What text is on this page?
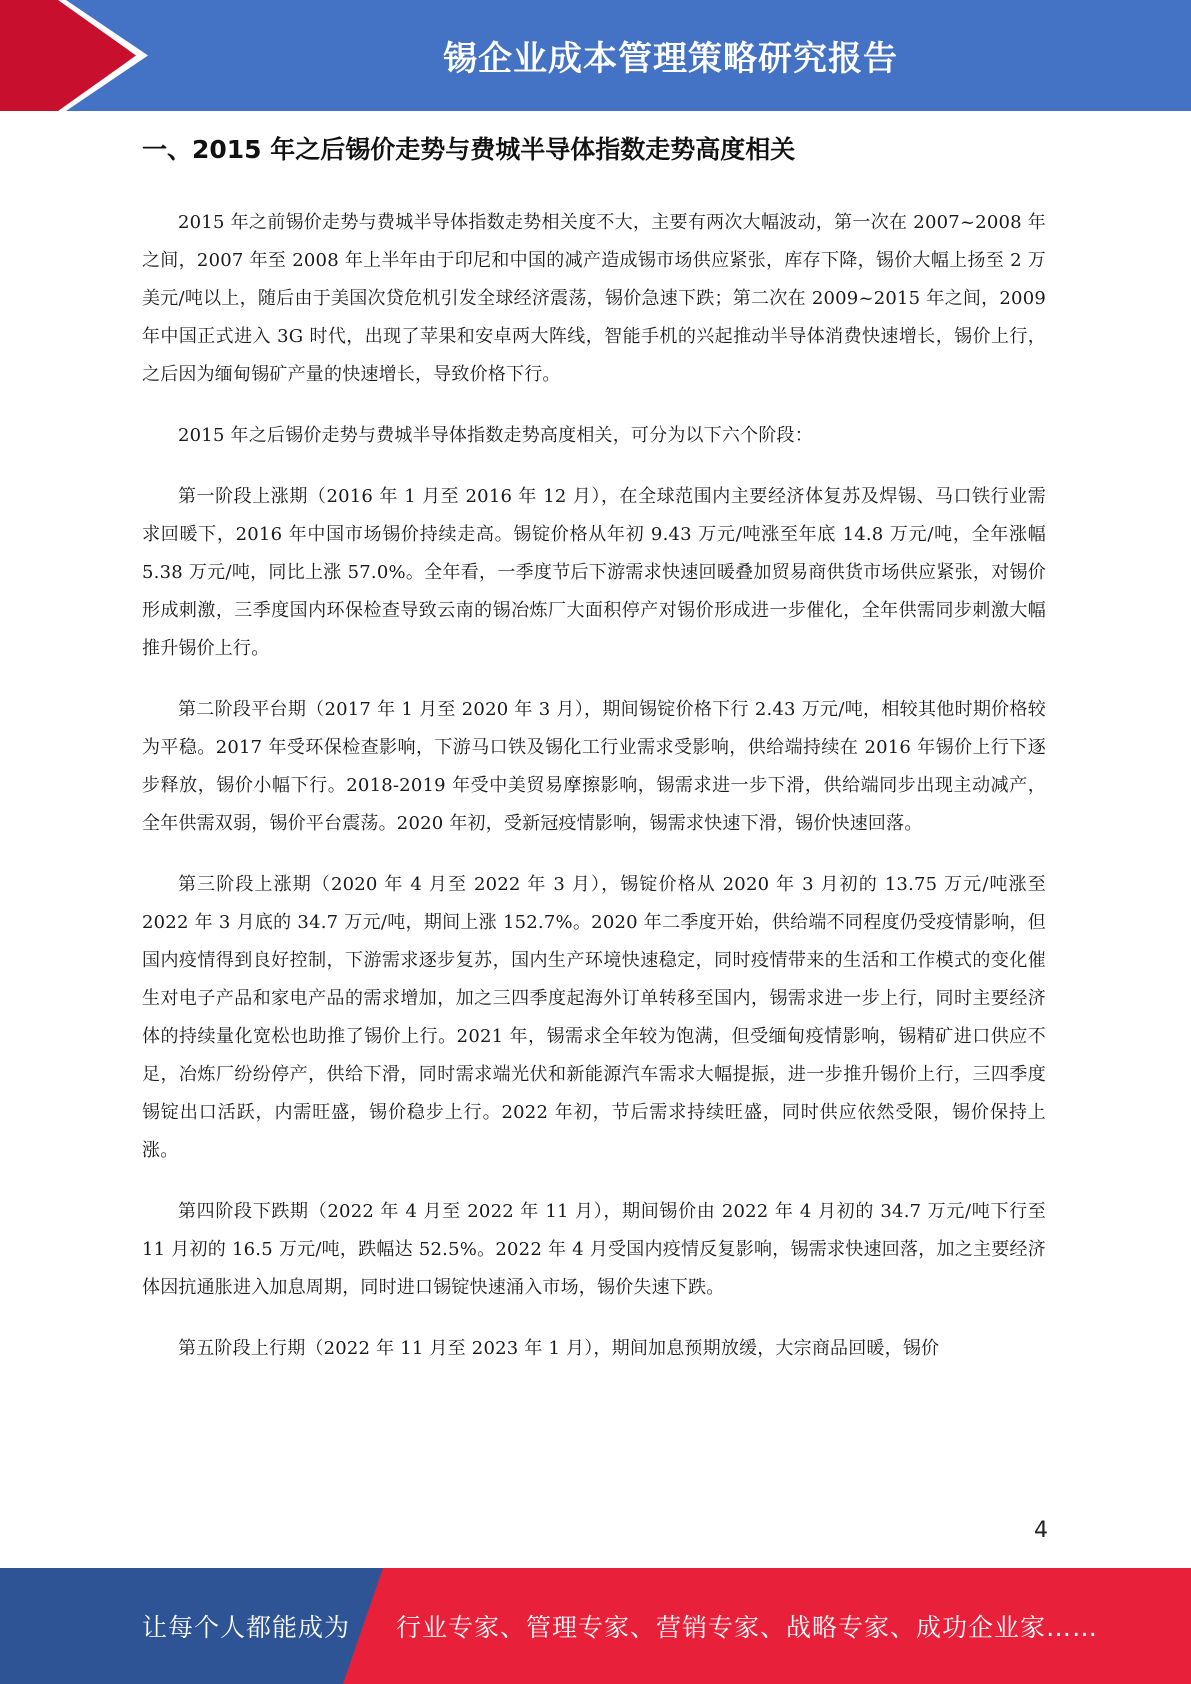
锡企业成本管理策略研究报告
一、2015 年之后锡价走势与费城半导体指数走势高度相关

2015 年之前锡价走势与费城半导体指数走势相关度不大，主要有两次大幅波动，第一次在 2007~2008 年之间，2007 年至 2008 年上半年由于印尼和中国的减产造成锡市场供应紧张，库存下降，锡价大幅上扬至 2 万美元/吨以上，随后由于美国次贷危机引发全球经济震荡，锡价急速下跌；第二次在 2009~2015 年之间，2009 年中国正式进入 3G 时代，出现了苹果和安卓两大阵线，智能手机的兴起推动半导体消费快速增长，锡价上行，之后因为缅甸锡矿产量的快速增长，导致价格下行。

2015 年之后锡价走势与费城半导体指数走势高度相关，可分为以下六个阶段：

第一阶段上涨期（2016 年 1 月至 2016 年 12 月），在全球范围内主要经济体复苏及焊锡、马口铁行业需求回暖下，2016 年中国市场锡价持续走高。锡锭价格从年初 9.43 万元/吨涨至年底 14.8 万元/吨，全年涨幅 5.38 万元/吨，同比上涨 57.0%。全年看，一季度节后下游需求快速回暖叠加贸易商供货市场供应紧张，对锡价形成刺激，三季度国内环保检查导致云南的锡冶炼厂大面积停产对锡价形成进一步催化，全年供需同步刺激大幅推升锡价上行。

第二阶段平台期（2017 年 1 月至 2020 年 3 月），期间锡锭价格下行 2.43 万元/吨，相较其他时期价格较为平稳。2017 年受环保检查影响，下游马口铁及锡化工行业需求受影响，供给端持续在 2016 年锡价上行下逐步释放，锡价小幅下行。2018-2019 年受中美贸易摩擦影响，锡需求进一步下滑，供给端同步出现主动减产，全年供需双弱，锡价平台震荡。2020 年初，受新冠疫情影响，锡需求快速下滑，锡价快速回落。

第三阶段上涨期（2020 年 4 月至 2022 年 3 月），锡锭价格从 2020 年 3 月初的 13.75 万元/吨涨至 2022 年 3 月底的 34.7 万元/吨，期间上涨 152.7%。2020 年二季度开始，供给端不同程度仍受疫情影响，但国内疫情得到良好控制，下游需求逐步复苏，国内生产环境快速稳定，同时疫情带来的生活和工作模式的变化催生对电子产品和家电产品的需求增加，加之三四季度起海外订单转移至国内，锡需求进一步上行，同时主要经济体的持续量化宽松也助推了锡价上行。2021 年，锡需求全年较为饱满，但受缅甸疫情影响，锡精矿进口供应不足，冶炼厂纷纷停产，供给下滑，同时需求端光伏和新能源汽车需求大幅提振，进一步推升锡价上行，三四季度锡锭出口活跃，内需旺盛，锡价稳步上行。2022 年初，节后需求持续旺盛，同时供应依然受限，锡价保持上涨。

第四阶段下跌期（2022 年 4 月至 2022 年 11 月），期间锡价由 2022 年 4 月初的 34.7 万元/吨下行至 11 月初的 16.5 万元/吨，跌幅达 52.5%。2022 年 4 月受国内疫情反复影响，锡需求快速回落，加之主要经济体因抗通胀进入加息周期，同时进口锡锭快速涌入市场，锡价失速下跌。

第五阶段上行期（2022 年 11 月至 2023 年 1 月），期间加息预期放缓，大宗商品回暖，锡价

4
让每个人都能成为 行业专家、管理专家、营销专家、战略专家、成功企业家……
